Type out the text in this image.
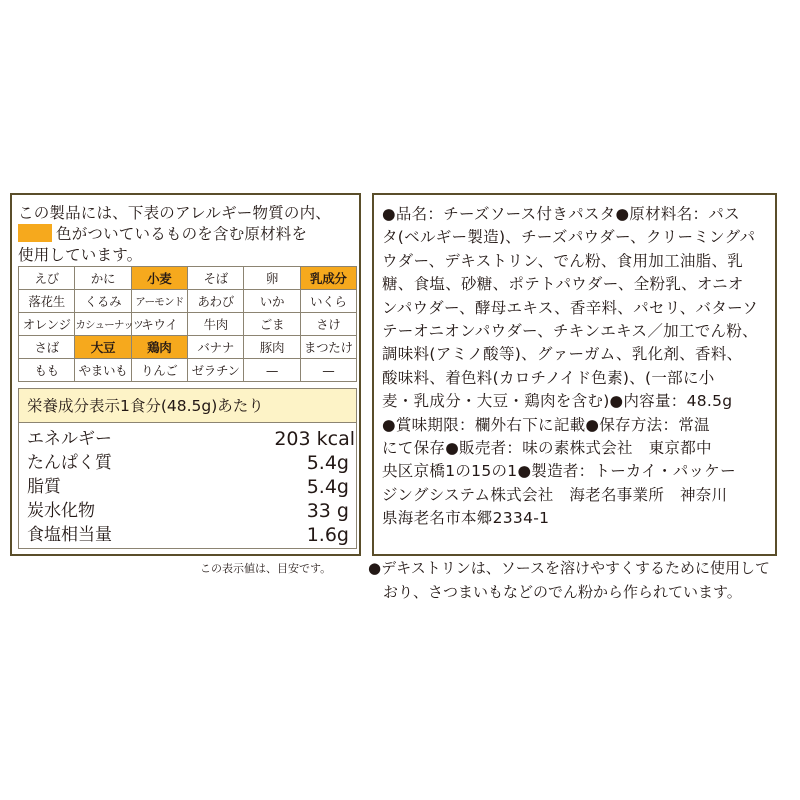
この製品には、下表のアレルギー物質の内、
色がついているものを含む原材料を
使用しています。
えび	かに	小麦	そば	卵	乳成分
落花生	くるみ	アーモンド	あわび	いか	いくら
オレンジ	カシューナッツ	キウイ	牛肉	ごま	さけ
さば	大豆	鶏肉	バナナ	豚肉	まつたけ
もも	やまいも	りんご	ゼラチン	—	—
栄養成分表示1食分(48.5g)あたり
エネルギー	203 kcal
たんぱく質	5.4g
脂質	5.4g
炭水化物	33 g
食塩相当量	1.6g
この表示値は、目安です。
●品名：チーズソース付きパスタ●原材料名：パス
タ(ベルギー製造)、チーズパウダー、クリーミングパ
ウダー、デキストリン、でん粉、食用加工油脂、乳
糖、食塩、砂糖、ポテトパウダー、全粉乳、オニオ
ンパウダー、酵母エキス、香辛料、パセリ、バターソ
テーオニオンパウダー、チキンエキス／加工でん粉、
調味料(アミノ酸等)、グァーガム、乳化剤、香料、
酸味料、着色料(カロチノイド色素)、(一部に小
麦・乳成分・大豆・鶏肉を含む)●内容量：48.5g
●賞味期限：欄外右下に記載●保存方法：常温
にて保存●販売者：味の素株式会社　東京都中
央区京橋1の15の1●製造者：トーカイ・パッケー
ジングシステム株式会社　海老名事業所　神奈川
県海老名市本郷2334-1
●デキストリンは、ソースを溶けやすくするために使用して
　おり、さつまいもなどのでん粉から作られています。
